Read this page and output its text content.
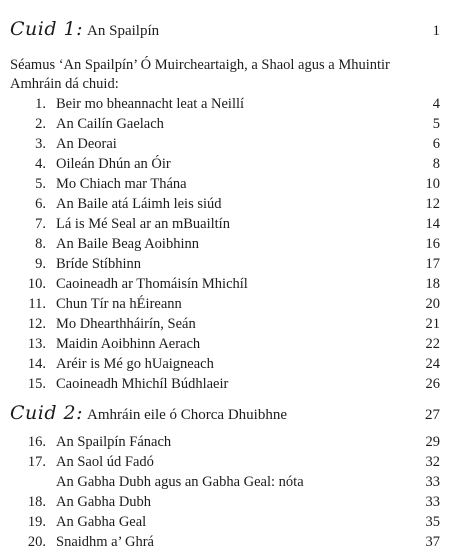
Cuid 1: An Spailpín	1
Séamus ‘An Spailpín’ Ó Muircheartaigh, a Shaol agus a Mhuintir
Amhráin dá chuid:
1. Beir mo bheannacht leat a Neillí	4
2. An Cailín Gaelach	5
3. An Deorai	6
4. Oileán Dhún an Óir	8
5. Mo Chiach mar Thána	10
6. An Baile atá Láimh leis siúd	12
7. Lá is Mé Seal ar an mBuailtín	14
8. An Baile Beag Aoibhinn	16
9. Bríde Stíbhinn	17
10. Caoineadh ar Thomáisín Mhichíl	18
11. Chun Tír na hÉireann	20
12. Mo Dhearthháirín, Seán	21
13. Maidin Aoibhinn Aerach	22
14. Aréir is Mé go hUaigneach	24
15. Caoineadh Mhichíl Búdhlaeir	26
Cuid 2: Amhráin eile ó Chorca Dhuibhne	27
16. An Spailpín Fánach	29
17. An Saol úd Fadó	32
An Gabha Dubh agus an Gabha Geal: nóta	33
18. An Gabha Dubh	33
19. An Gabha Geal	35
20. Snaidhm a’ Ghrá	37
